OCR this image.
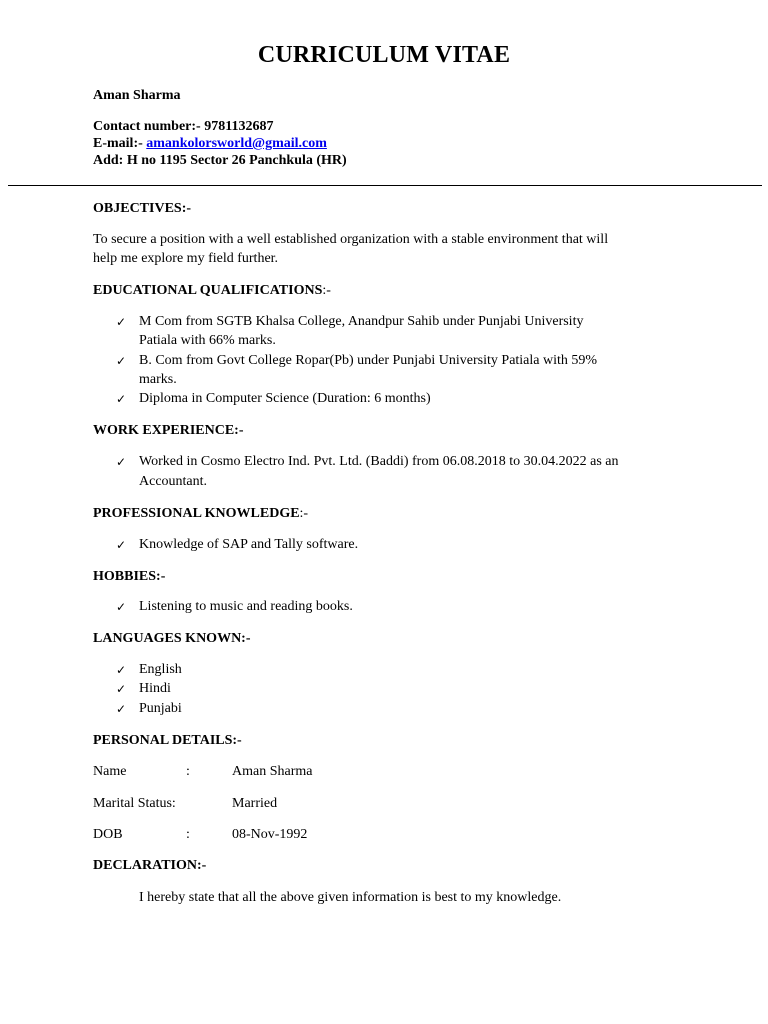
CURRICULUM VITAE
Aman Sharma
Contact number:- 9781132687
E-mail:- amankolorsworld@gmail.com
Add: H no 1195 Sector 26 Panchkula (HR)
OBJECTIVES:-
To secure a position with a well established organization with a stable environment that will
help me explore my field further.
EDUCATIONAL QUALIFICATIONS:-
✓ M Com from SGTB Khalsa College, Anandpur Sahib under Punjabi University
Patiala with 66% marks.
✓ B. Com from Govt College Ropar(Pb) under Punjabi University Patiala with 59%
marks.
✓ Diploma in Computer Science (Duration: 6 months)
WORK EXPERIENCE:-
✓ Worked in Cosmo Electro Ind. Pvt. Ltd. (Baddi) from 06.08.2018 to 30.04.2022 as an
Accountant.
PROFESSIONAL KNOWLEDGE:-
✓ Knowledge of SAP and Tally software.
HOBBIES:-
✓ Listening to music and reading books.
LANGUAGES KNOWN:-
✓ English
✓ Hindi
✓ Punjabi
PERSONAL DETAILS:-
Name	:	Aman Sharma
Marital Status:	Married
DOB	:	08-Nov-1992
DECLARATION:-
I hereby state that all the above given information is best to my knowledge.
